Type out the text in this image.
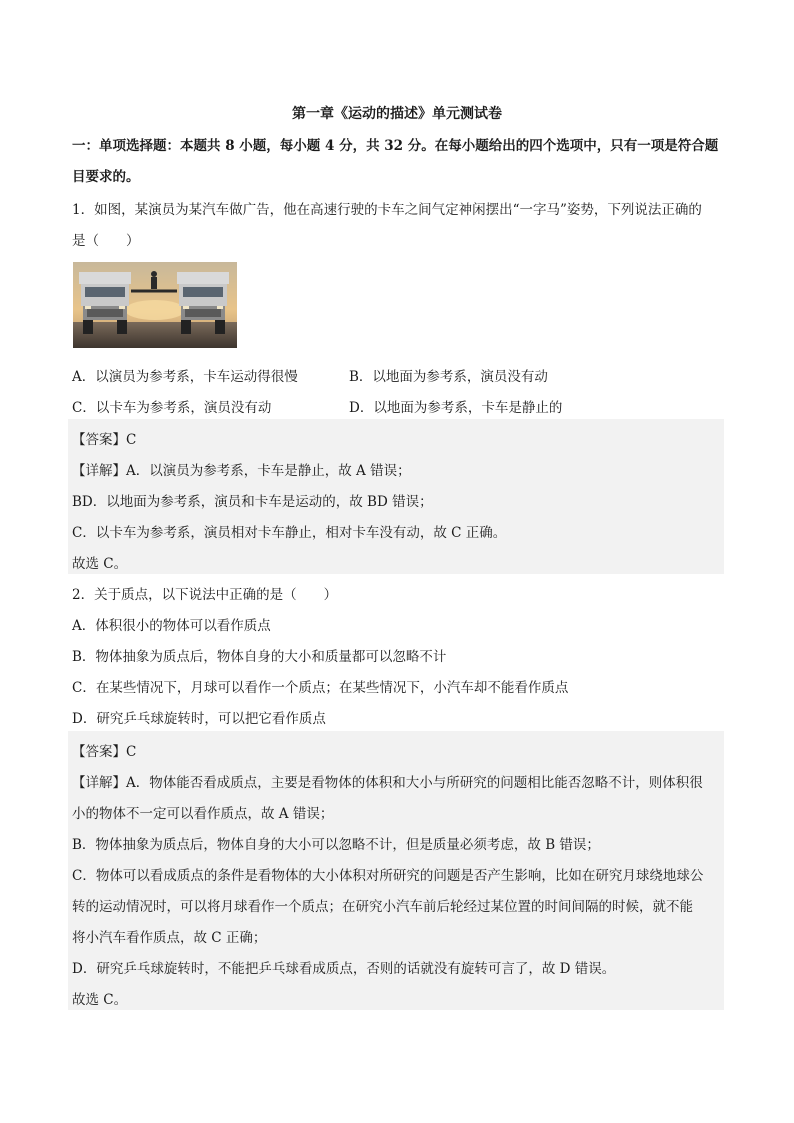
第一章《运动的描述》单元测试卷
一：单项选择题：本题共 8 小题，每小题 4 分，共 32 分。在每小题给出的四个选项中，只有一项是符合题
目要求的。
1．如图，某演员为某汽车做广告，他在高速行驶的卡车之间气定神闲摆出“一字马”姿势，下列说法正确的
是（　　）
A．以演员为参考系，卡车运动得很慢	B．以地面为参考系，演员没有动
C．以卡车为参考系，演员没有动	D．以地面为参考系，卡车是静止的
【答案】C
【详解】A．以演员为参考系，卡车是静止，故 A 错误；
BD．以地面为参考系，演员和卡车是运动的，故 BD 错误；
C．以卡车为参考系，演员相对卡车静止，相对卡车没有动，故 C 正确。
故选 C。
2．关于质点，以下说法中正确的是（　　）
A．体积很小的物体可以看作质点
B．物体抽象为质点后，物体自身的大小和质量都可以忽略不计
C．在某些情况下，月球可以看作一个质点；在某些情况下，小汽车却不能看作质点
D．研究乒乓球旋转时，可以把它看作质点
【答案】C
【详解】A．物体能否看成质点，主要是看物体的体积和大小与所研究的问题相比能否忽略不计，则体积很
小的物体不一定可以看作质点，故 A 错误；
B．物体抽象为质点后，物体自身的大小可以忽略不计，但是质量必须考虑，故 B 错误；
C．物体可以看成质点的条件是看物体的大小体积对所研究的问题是否产生影响，比如在研究月球绕地球公
转的运动情况时，可以将月球看作一个质点；在研究小汽车前后轮经过某位置的时间间隔的时候，就不能
将小汽车看作质点，故 C 正确；
D．研究乒乓球旋转时，不能把乒乓球看成质点，否则的话就没有旋转可言了，故 D 错误。
故选 C。
